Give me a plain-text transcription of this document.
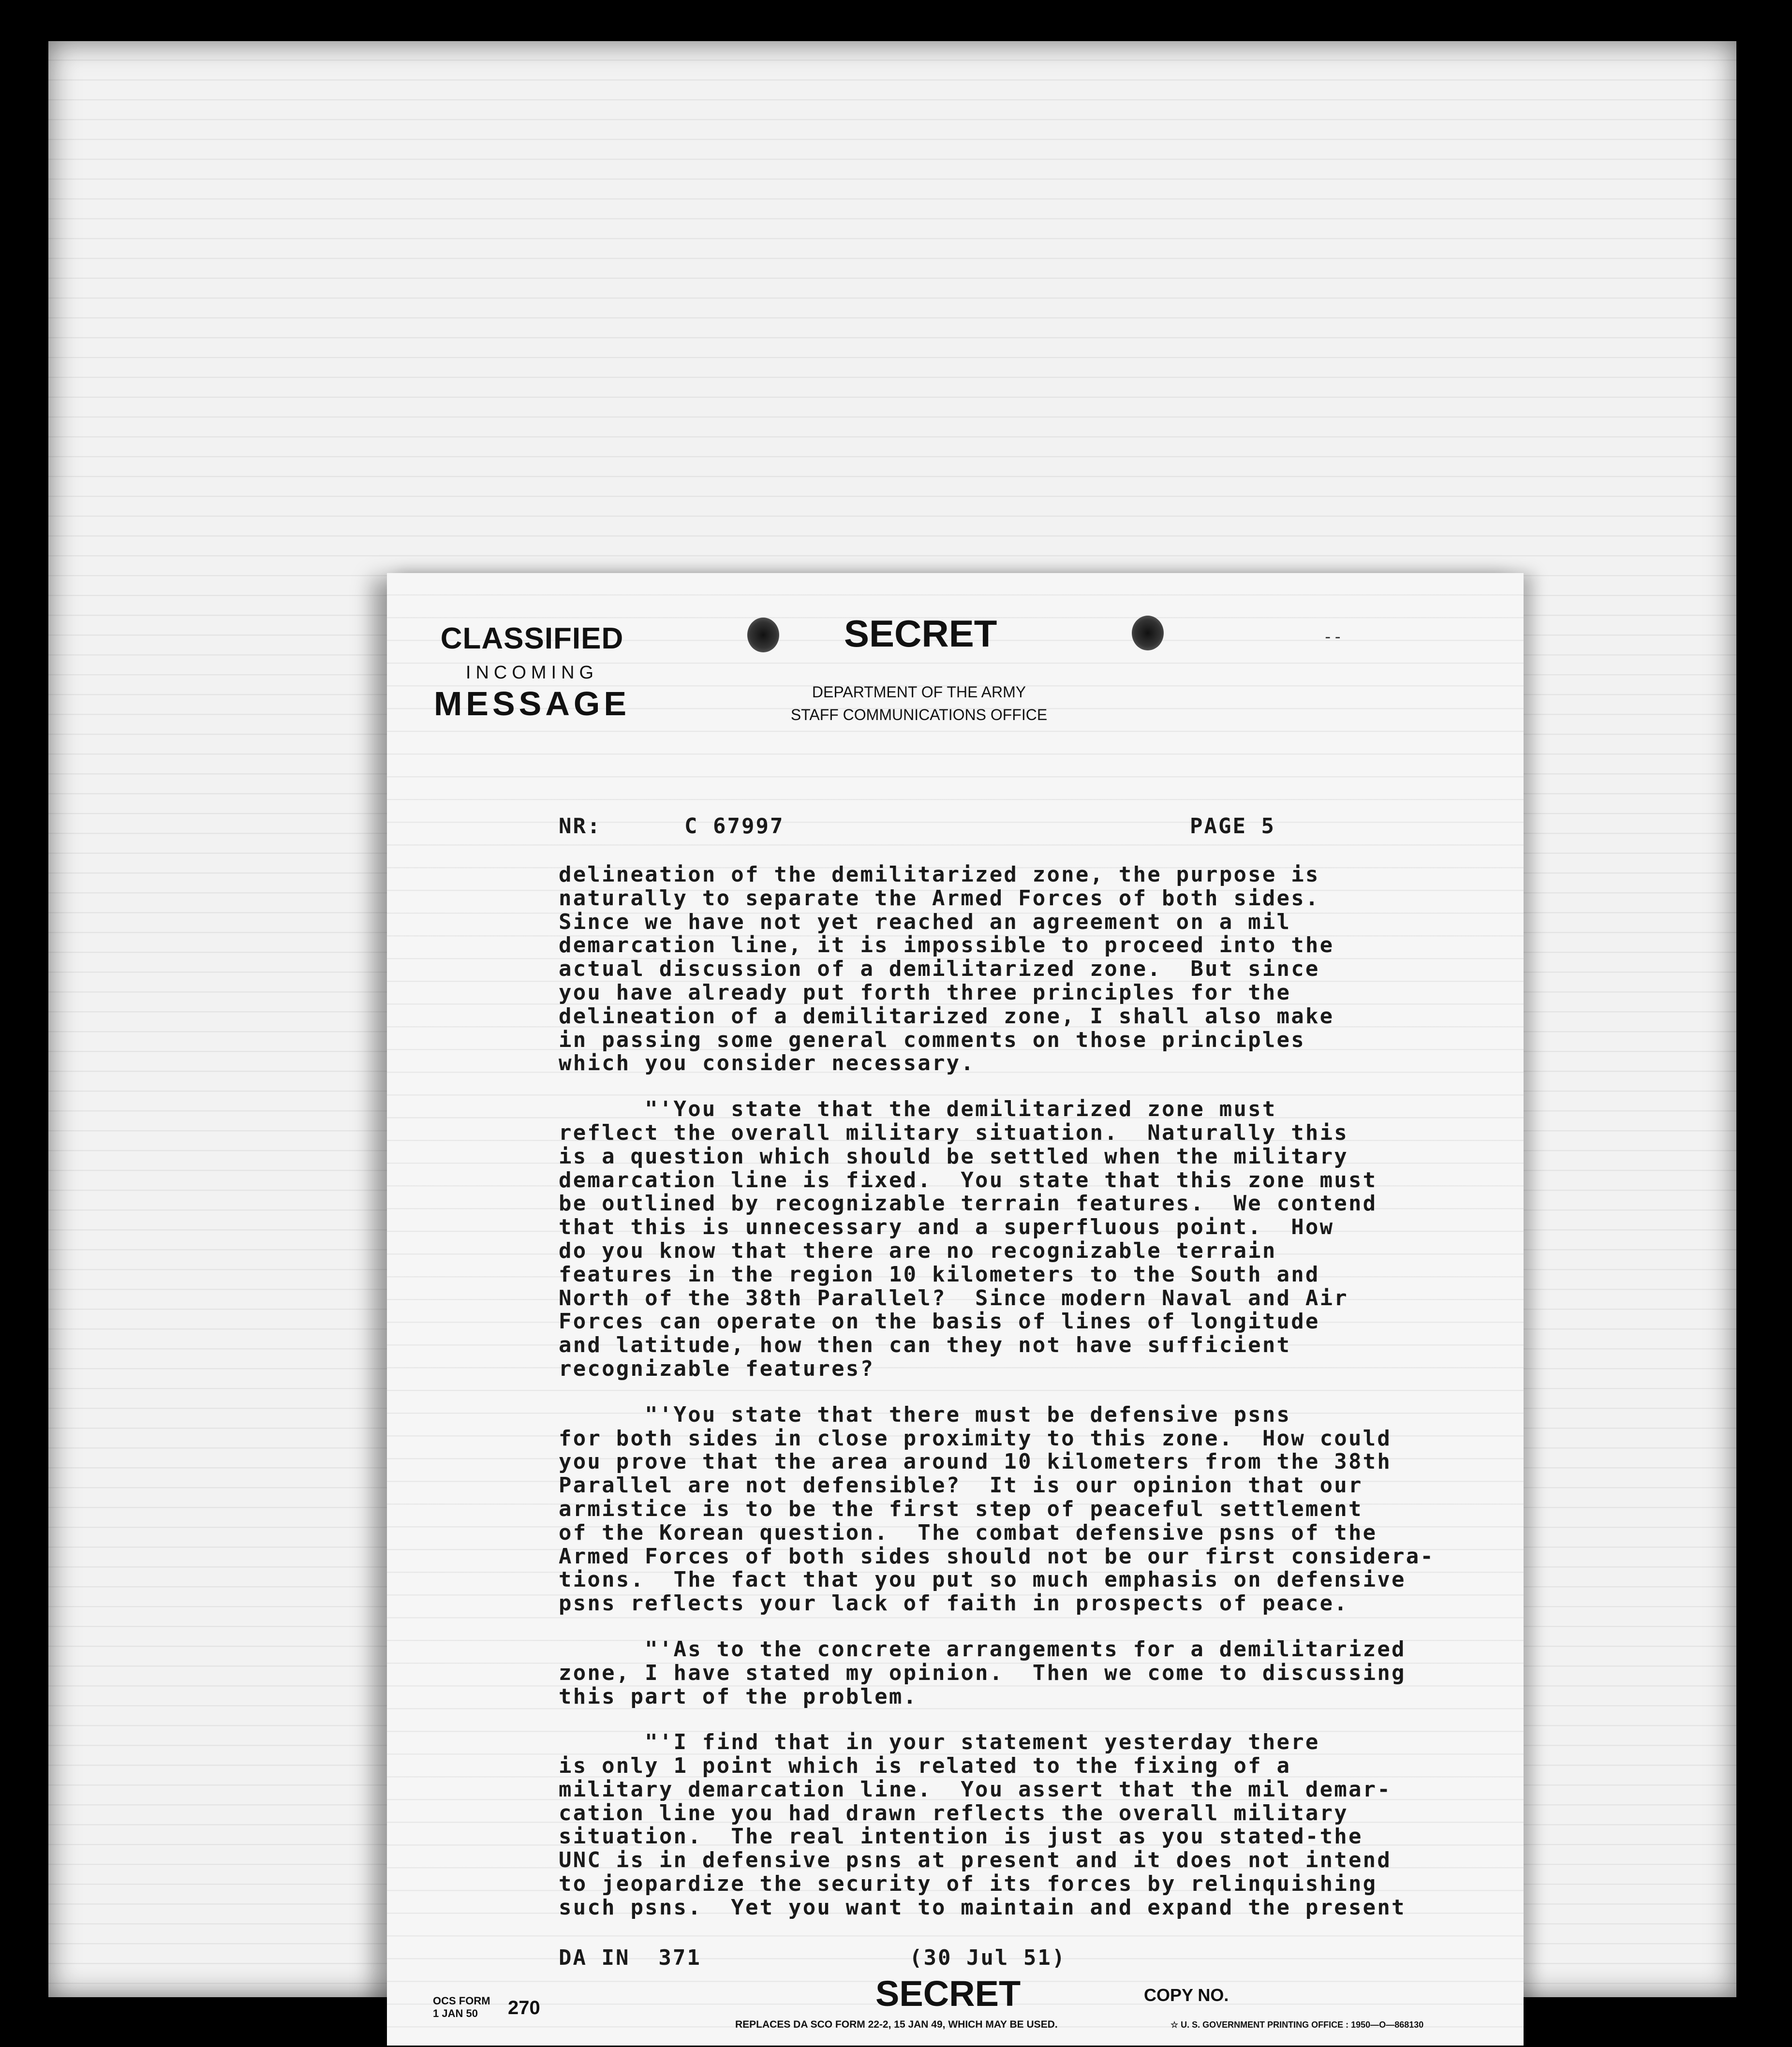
CLASSIFIED
INCOMING
MESSAGE
SECRET
DEPARTMENT OF THE ARMY
STAFF COMMUNICATIONS OFFICE
--
NR:	C 67997	PAGE 5
delineation of the demilitarized zone, the purpose is
naturally to separate the Armed Forces of both sides.
Since we have not yet reached an agreement on a mil
demarcation line, it is impossible to proceed into the
actual discussion of a demilitarized zone.  But since
you have already put forth three principles for the
delineation of a demilitarized zone, I shall also make
in passing some general comments on those principles
which you consider necessary.
"'You state that the demilitarized zone must
reflect the overall military situation.  Naturally this
is a question which should be settled when the military
demarcation line is fixed.  You state that this zone must
be outlined by recognizable terrain features.  We contend
that this is unnecessary and a superfluous point.  How
do you know that there are no recognizable terrain
features in the region 10 kilometers to the South and
North of the 38th Parallel?  Since modern Naval and Air
Forces can operate on the basis of lines of longitude
and latitude, how then can they not have sufficient
recognizable features?
"'You state that there must be defensive psns
for both sides in close proximity to this zone.  How could
you prove that the area around 10 kilometers from the 38th
Parallel are not defensible?  It is our opinion that our
armistice is to be the first step of peaceful settlement
of the Korean question.  The combat defensive psns of the
Armed Forces of both sides should not be our first considera-
tions.  The fact that you put so much emphasis on defensive
psns reflects your lack of faith in prospects of peace.
"'As to the concrete arrangements for a demilitarized
zone, I have stated my opinion.  Then we come to discussing
this part of the problem.
"'I find that in your statement yesterday there
is only 1 point which is related to the fixing of a
military demarcation line.  You assert that the mil demar-
cation line you had drawn reflects the overall military
situation.  The real intention is just as you stated-the
UNC is in defensive psns at present and it does not intend
to jeopardize the security of its forces by relinquishing
such psns.  Yet you want to maintain and expand the present
DA IN  371	(30 Jul 51)
OCS FORM
1 JAN 50	270	SECRET	COPY NO.
REPLACES DA SCO FORM 22-2, 15 JAN 49, WHICH MAY BE USED.	☆ U. S. GOVERNMENT PRINTING OFFICE : 1950—O—868130
